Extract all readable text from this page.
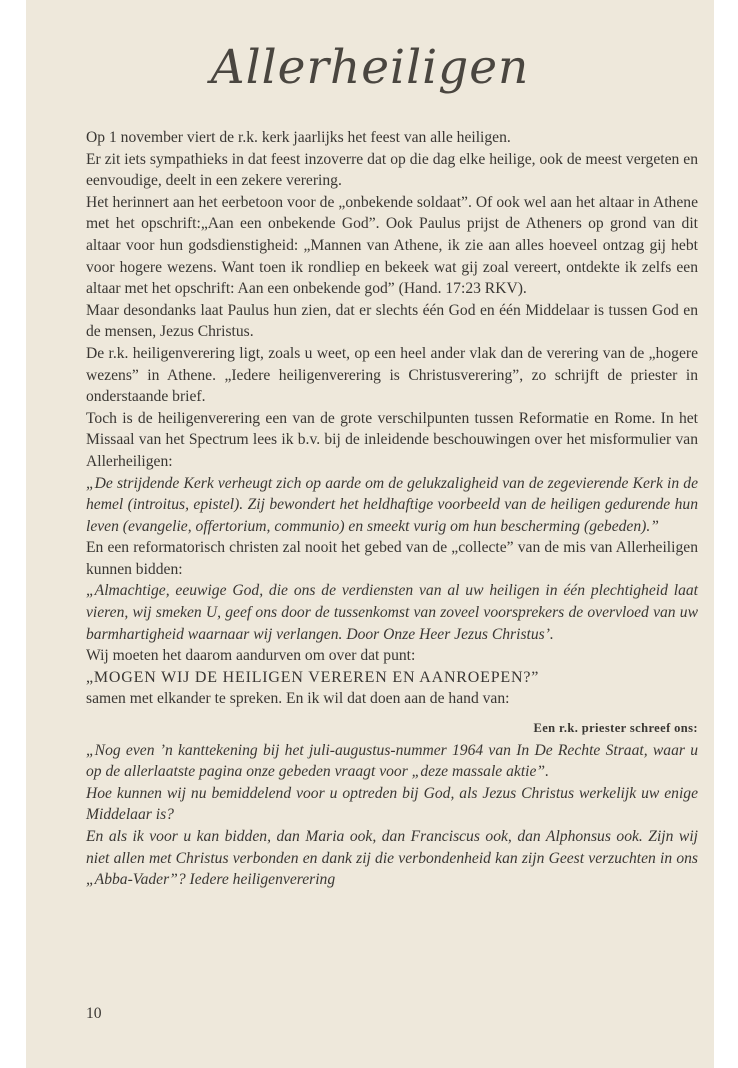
Allerheiligen

Op 1 november viert de r.k. kerk jaarlijks het feest van alle heiligen.

Er zit iets sympathieks in dat feest inzoverre dat op die dag elke heilige, ook de meest vergeten en eenvoudige, deelt in een zekere verering.

Het herinnert aan het eerbetoon voor de „onbekende soldaat”. Of ook wel aan het altaar in Athene met het opschrift:„Aan een onbekende God”. Ook Paulus prijst de Atheners op grond van dit altaar voor hun godsdienstigheid: „Mannen van Athene, ik zie aan alles hoeveel ontzag gij hebt voor hogere wezens. Want toen ik rondliep en bekeek wat gij zoal vereert, ontdekte ik zelfs een altaar met het opschrift: Aan een onbekende god” (Hand. 17:23 RKV).

Maar desondanks laat Paulus hun zien, dat er slechts één God en één Middelaar is tussen God en de mensen, Jezus Christus.

De r.k. heiligenverering ligt, zoals u weet, op een heel ander vlak dan de verering van de „hogere wezens” in Athene. „Iedere heiligenverering is Christusverering”, zo schrijft de priester in onderstaande brief.

Toch is de heiligenverering een van de grote verschilpunten tussen Reformatie en Rome. In het Missaal van het Spectrum lees ik b.v. bij de inleidende beschouwingen over het misformulier van Allerheiligen:

„De strijdende Kerk verheugt zich op aarde om de gelukzaligheid van de zegevierende Kerk in de hemel (introitus, epistel). Zij bewondert het heldhaftige voorbeeld van de heiligen gedurende hun leven (evangelie, offertorium, communio) en smeekt vurig om hun bescherming (gebeden).”

En een reformatorisch christen zal nooit het gebed van de „collecte” van de mis van Allerheiligen kunnen bidden:

„Almachtige, eeuwige God, die ons de verdiensten van al uw heiligen in één plechtigheid laat vieren, wij smeken U, geef ons door de tussenkomst van zoveel voorsprekers de overvloed van uw barmhartigheid waarnaar wij verlangen. Door Onze Heer Jezus Christus’.

Wij moeten het daarom aandurven om over dat punt:

„MOGEN WIJ DE HEILIGEN VEREREN EN AANROEPEN?”

samen met elkander te spreken. En ik wil dat doen aan de hand van:

Een r.k. priester schreef ons:

„Nog even ’n kanttekening bij het juli-augustus-nummer 1964 van In De Rechte Straat, waar u op de allerlaatste pagina onze gebeden vraagt voor „deze massale aktie”.

Hoe kunnen wij nu bemiddelend voor u optreden bij God, als Jezus Christus werkelijk uw enige Middelaar is?

En als ik voor u kan bidden, dan Maria ook, dan Franciscus ook, dan Alphonsus ook. Zijn wij niet allen met Christus verbonden en dank zij die verbondenheid kan zijn Geest verzuchten in ons „Abba-Vader”? Iedere heiligenverering

10
